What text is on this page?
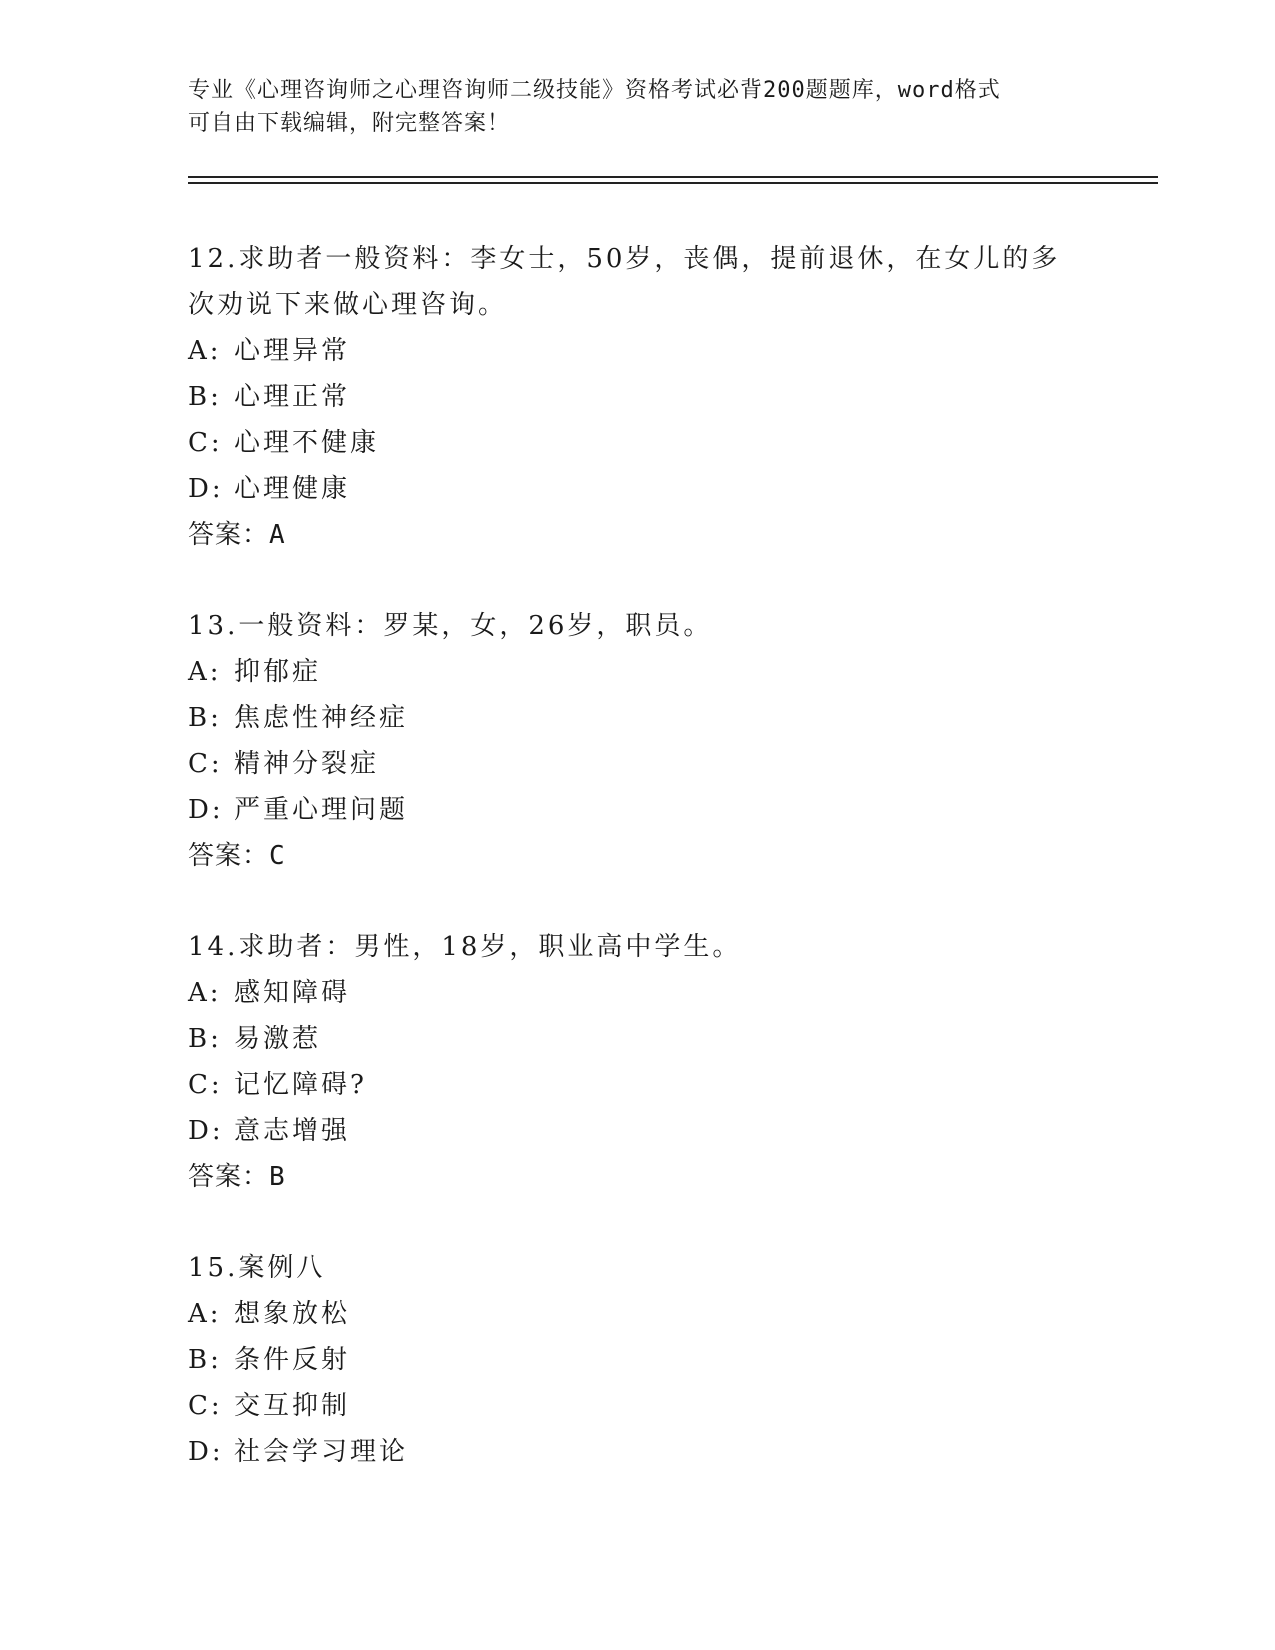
专业《心理咨询师之心理咨询师二级技能》资格考试必背200题题库，word格式
可自由下载编辑，附完整答案！
12.求助者一般资料：李女士，50岁，丧偶，提前退休，在女儿的多次劝说下来做心理咨询。
A: 心理异常
B: 心理正常
C: 心理不健康
D: 心理健康
答案：A
13.一般资料：罗某，女，26岁，职员。
A: 抑郁症
B: 焦虑性神经症
C: 精神分裂症
D: 严重心理问题
答案：C
14.求助者：男性，18岁，职业高中学生。
A: 感知障碍
B: 易激惹
C: 记忆障碍?
D: 意志增强
答案：B
15.案例八
A: 想象放松
B: 条件反射
C: 交互抑制
D: 社会学习理论
